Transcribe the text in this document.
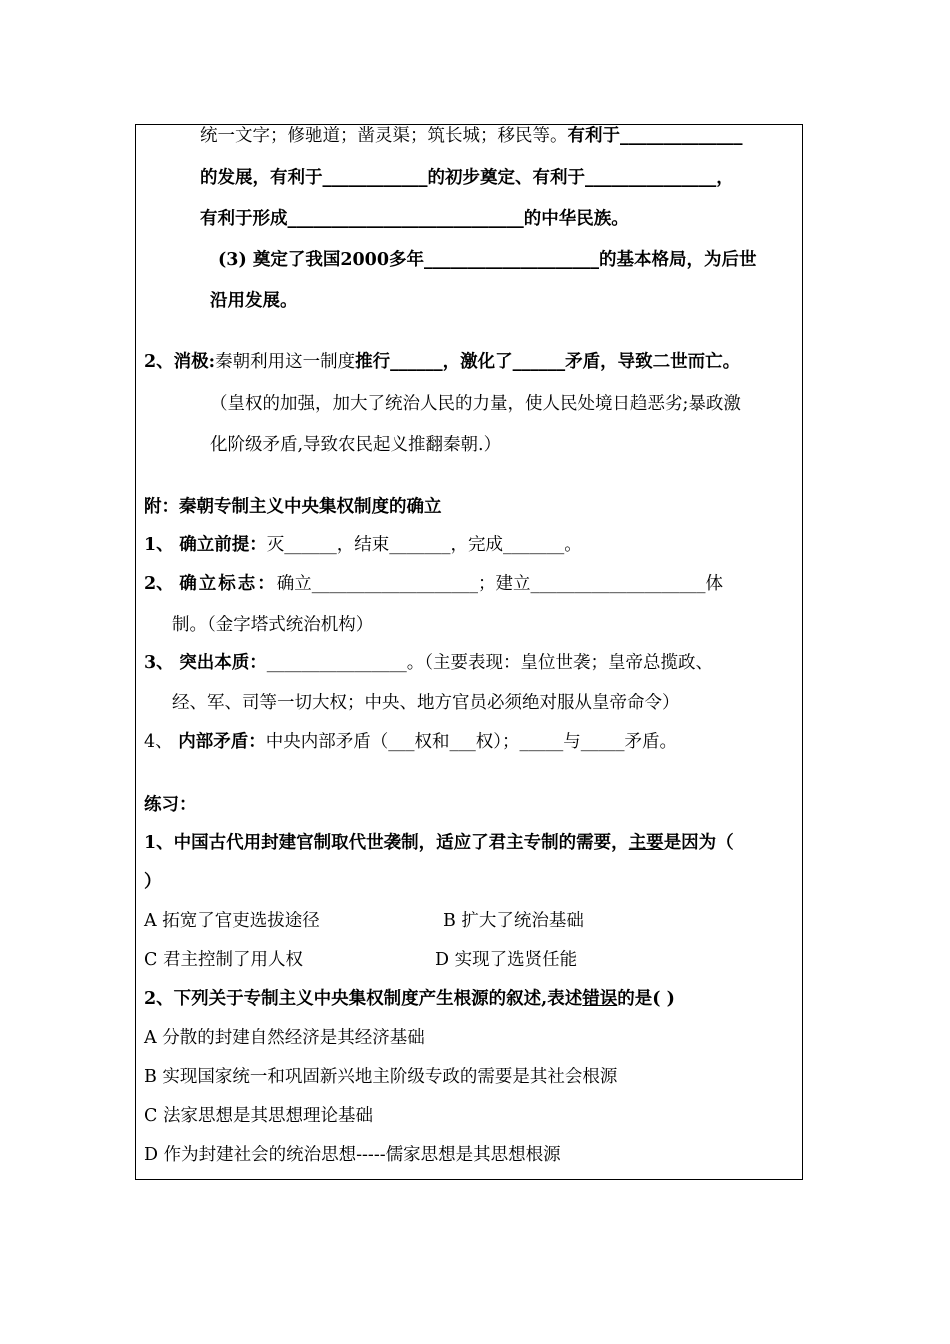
统一文字；修驰道；凿灵渠；筑长城；移民等。有利于______________
的发展，有利于____________的初步奠定、有利于_______________，
有利于形成___________________________的中华民族。
(3) 奠定了我国2000多年____________________的基本格局，为后世
沿用发展。
2、消极:秦朝利用这一制度推行______，激化了______矛盾，导致二世而亡。
（皇权的加强，加大了统治人民的力量，使人民处境日趋恶劣;暴政激
化阶级矛盾,导致农民起义推翻秦朝.）
附：秦朝专制主义中央集权制度的确立
1、 确立前提：灭______，结束_______，完成_______。
2、 确立标志：确立___________________；建立____________________体
制。（金字塔式统治机构）
3、 突出本质：________________。（主要表现：皇位世袭；皇帝总揽政、
经、军、司等一切大权；中央、地方官员必须绝对服从皇帝命令）
4、 内部矛盾：中央内部矛盾（___权和___权）；_____与_____矛盾。
练习：
1、中国古代用封建官制取代世袭制，适应了君主专制的需要，主要是因为（
）
A 拓宽了官吏选拔途径	B 扩大了统治基础
C 君主控制了用人权	D 实现了选贤任能
2、下列关于专制主义中央集权制度产生根源的叙述,表述错误的是( )
A 分散的封建自然经济是其经济基础
B 实现国家统一和巩固新兴地主阶级专政的需要是其社会根源
C 法家思想是其思想理论基础
D 作为封建社会的统治思想-----儒家思想是其思想根源
